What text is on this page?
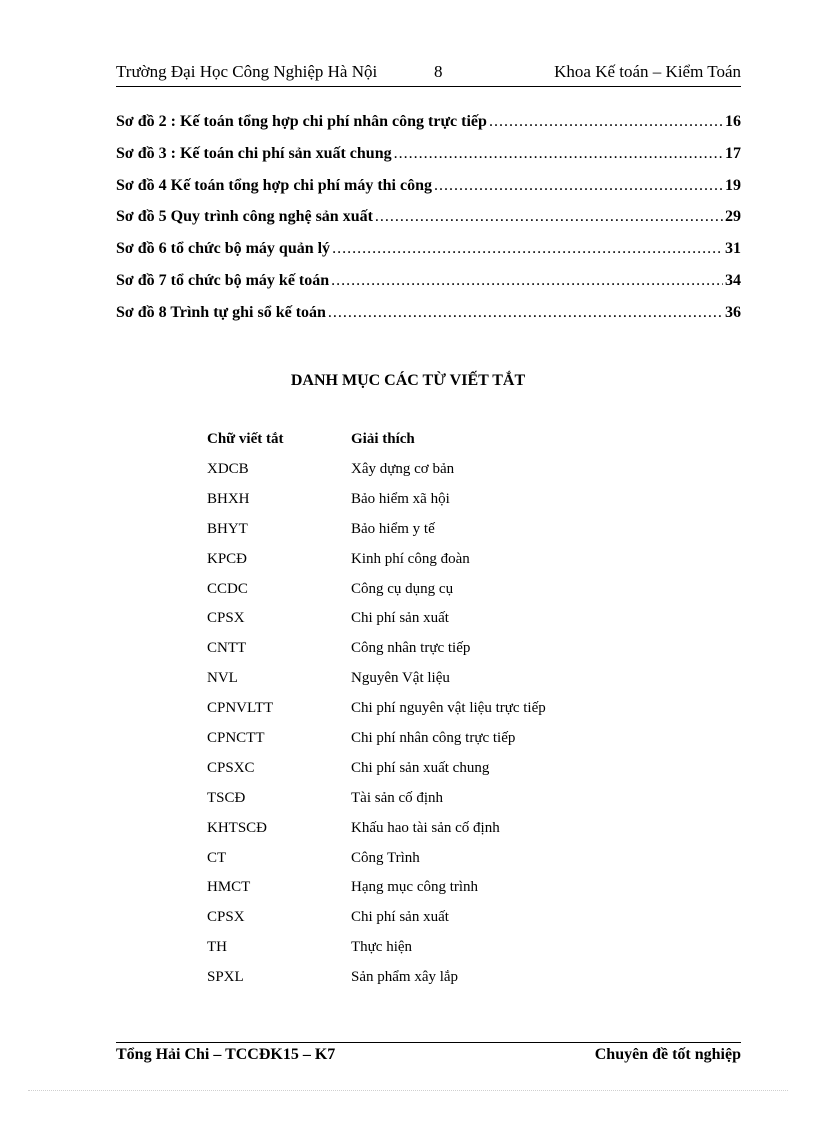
Trường Đại Học Công Nghiệp Hà Nội	8	Khoa Kế toán – Kiểm Toán
Sơ đồ 2 : Kế toán tổng hợp chi phí nhân công trực tiếp .....	16
Sơ đồ 3 : Kế toán chi phí sản xuất chung .....	17
Sơ đồ 4 Kế toán tổng hợp chi phí máy thi công .....	19
Sơ đồ 5 Quy trình công nghệ sản xuất .....	29
Sơ đồ 6 tổ chức bộ máy quản lý .....	31
Sơ đồ 7 tổ chức bộ máy kế toán .....	34
Sơ đồ 8 Trình tự ghi sổ kế toán .....	36
DANH MỤC CÁC TỪ VIẾT TẮT
Chữ viết tắt	Giải thích
XDCB	Xây dựng cơ bản
BHXH	Bảo hiểm xã hội
BHYT	Bảo hiểm y tế
KPCĐ	Kinh phí công đoàn
CCDC	Công cụ dụng cụ
CPSX	Chi phí sản xuất
CNTT	Công nhân trực tiếp
NVL	Nguyên Vật liệu
CPNVLTT	Chi phí nguyên vật liệu trực tiếp
CPNCTT	Chi phí nhân công trực tiếp
CPSXC	Chi phí sản xuất chung
TSCĐ	Tài sản cố định
KHTSCĐ	Khấu hao tài sản cố định
CT	Công Trình
HMCT	Hạng mục công trình
CPSX	Chi phí sản xuất
TH	Thực hiện
SPXL	Sản phẩm xây lắp
Tổng Hải Chi – TCCĐK15 – K7	Chuyên đề tốt nghiệp
